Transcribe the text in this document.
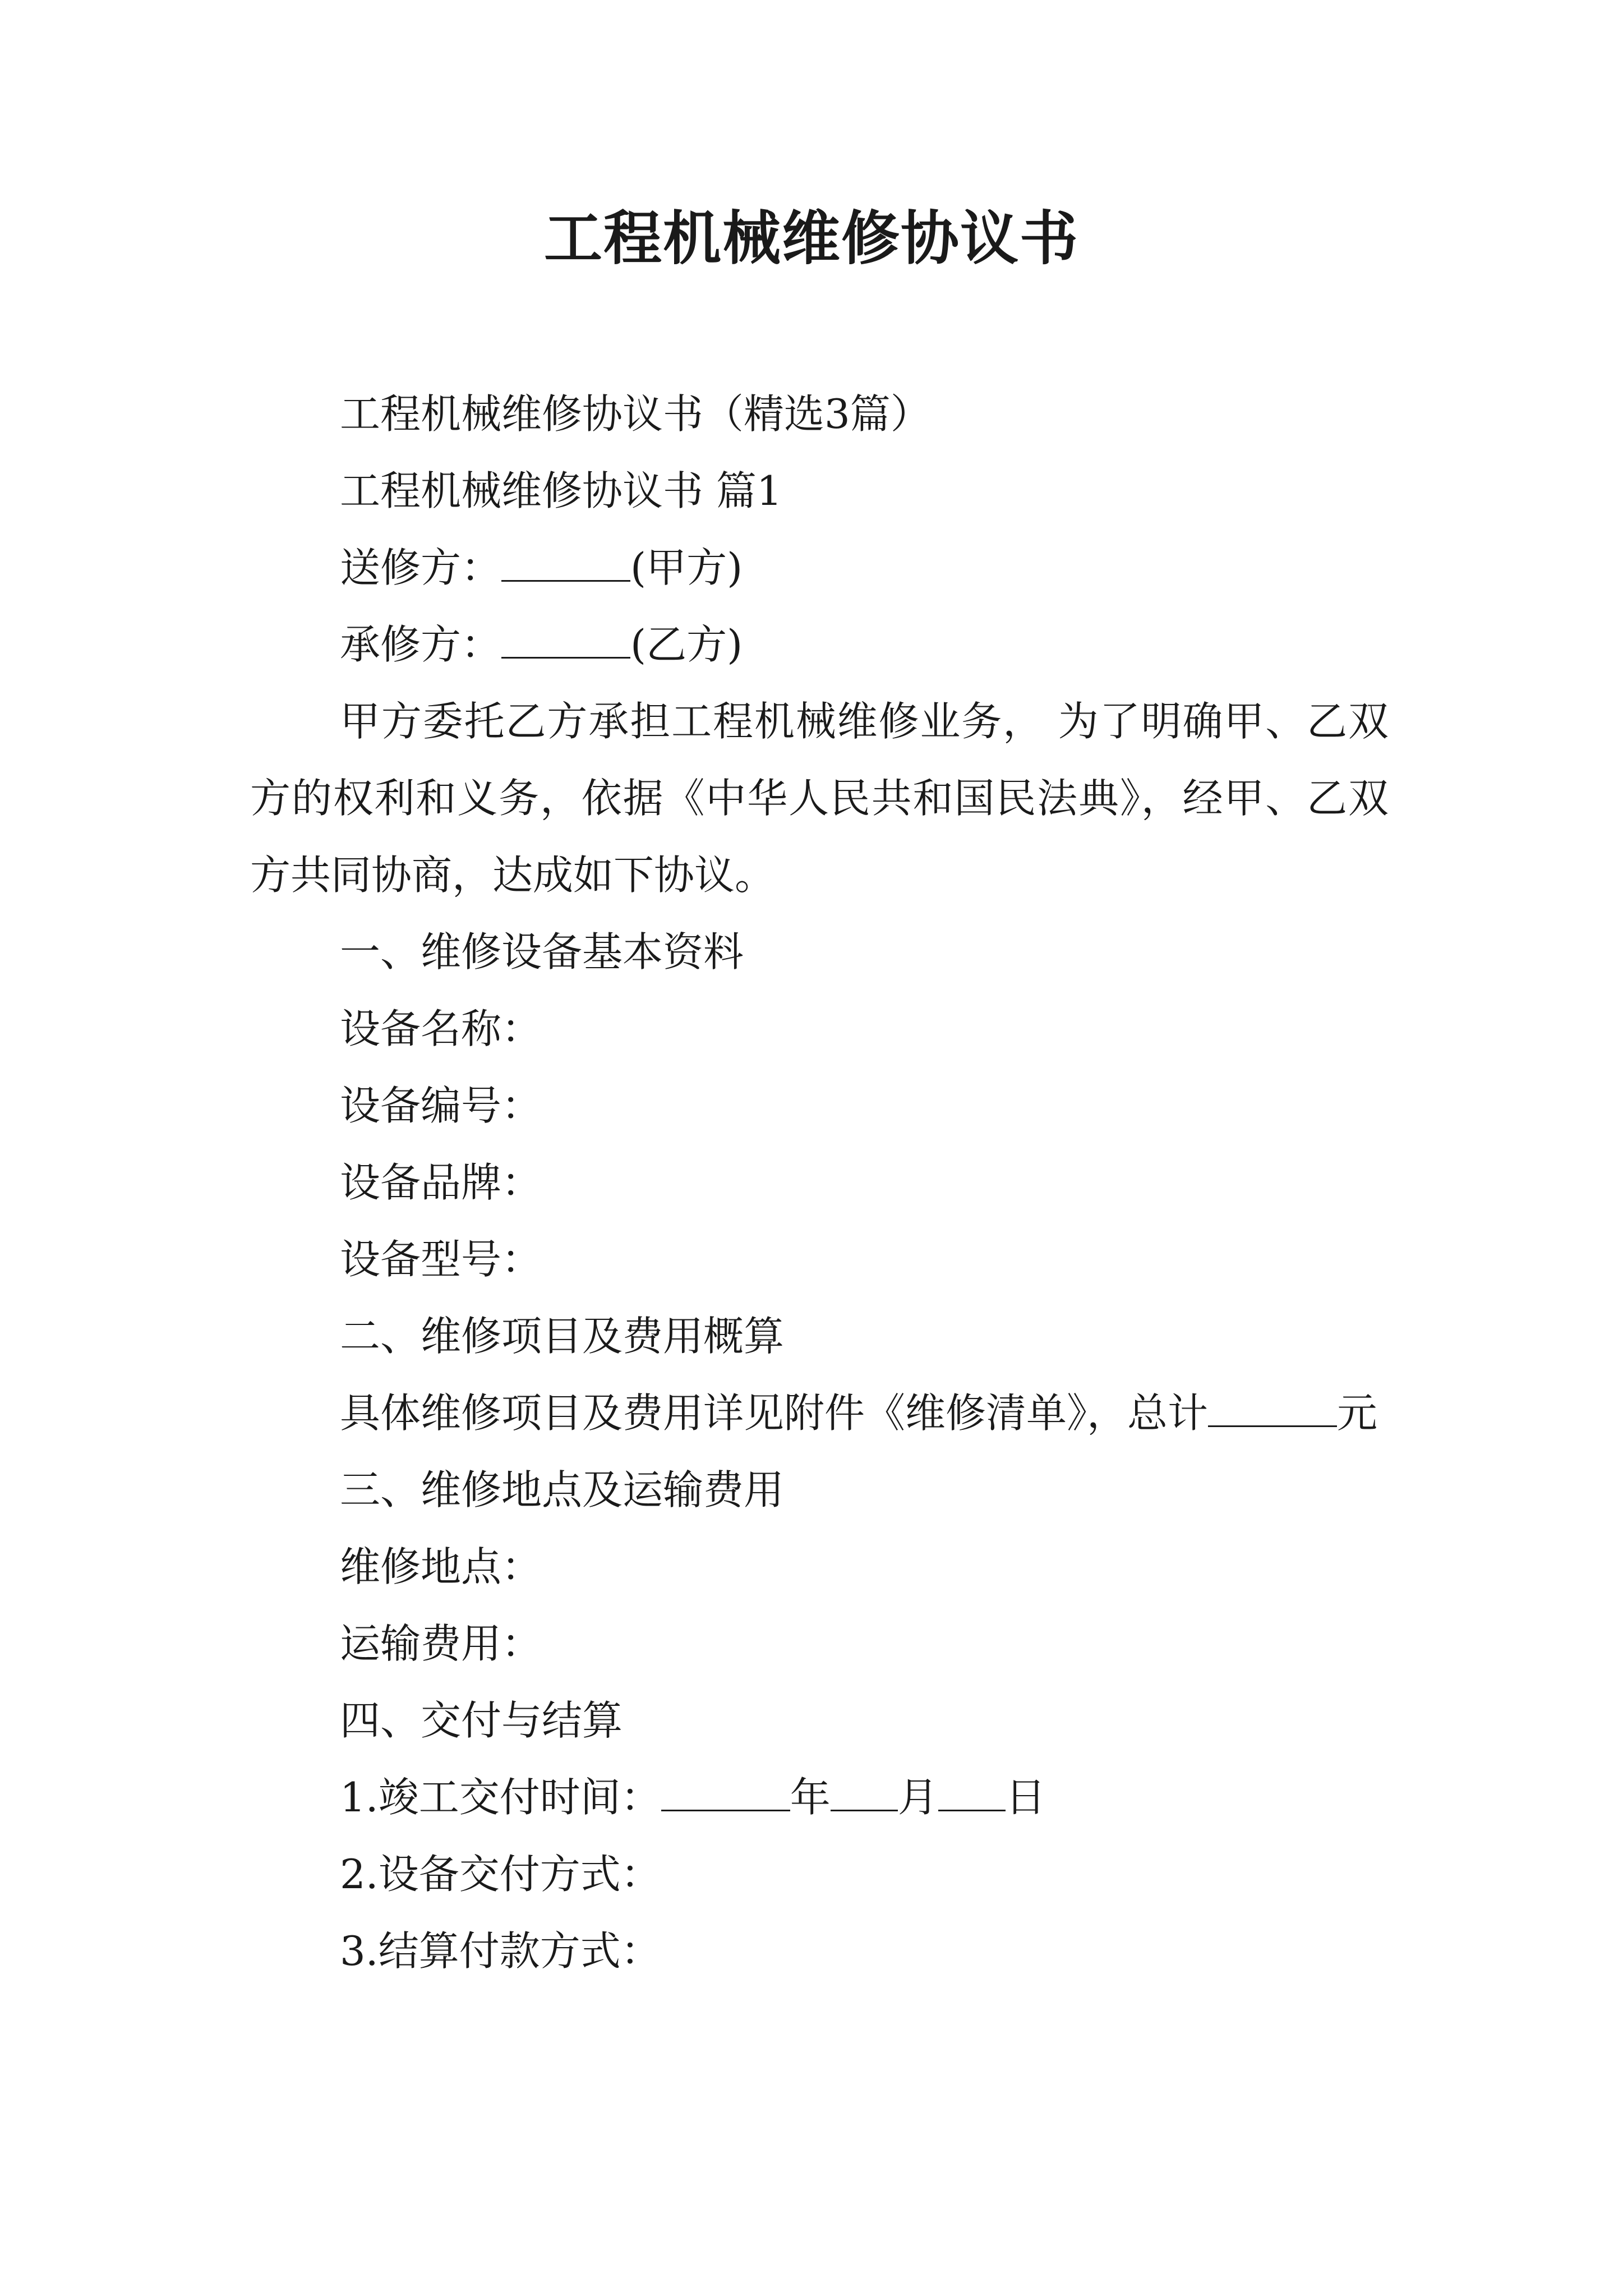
工程机械维修协议书

工程机械维修协议书（精选3篇）

工程机械维修协议书 篇1

送修方：	(甲方)

承修方：	(乙方)

甲方委托乙方承担工程机械维修业务， 为了明确甲、乙双方的权利和义务，依据《中华人民共和国民法典》，经甲、乙双方共同协商，达成如下协议。

一、维修设备基本资料

设备名称：

设备编号：

设备品牌：

设备型号：

二、维修项目及费用概算

具体维修项目及费用详见附件《维修清单》，总计	元

三、维修地点及运输费用

维修地点：

运输费用：

四、交付与结算

1.竣工交付时间：	年 月 日

2.设备交付方式：

3.结算付款方式：
